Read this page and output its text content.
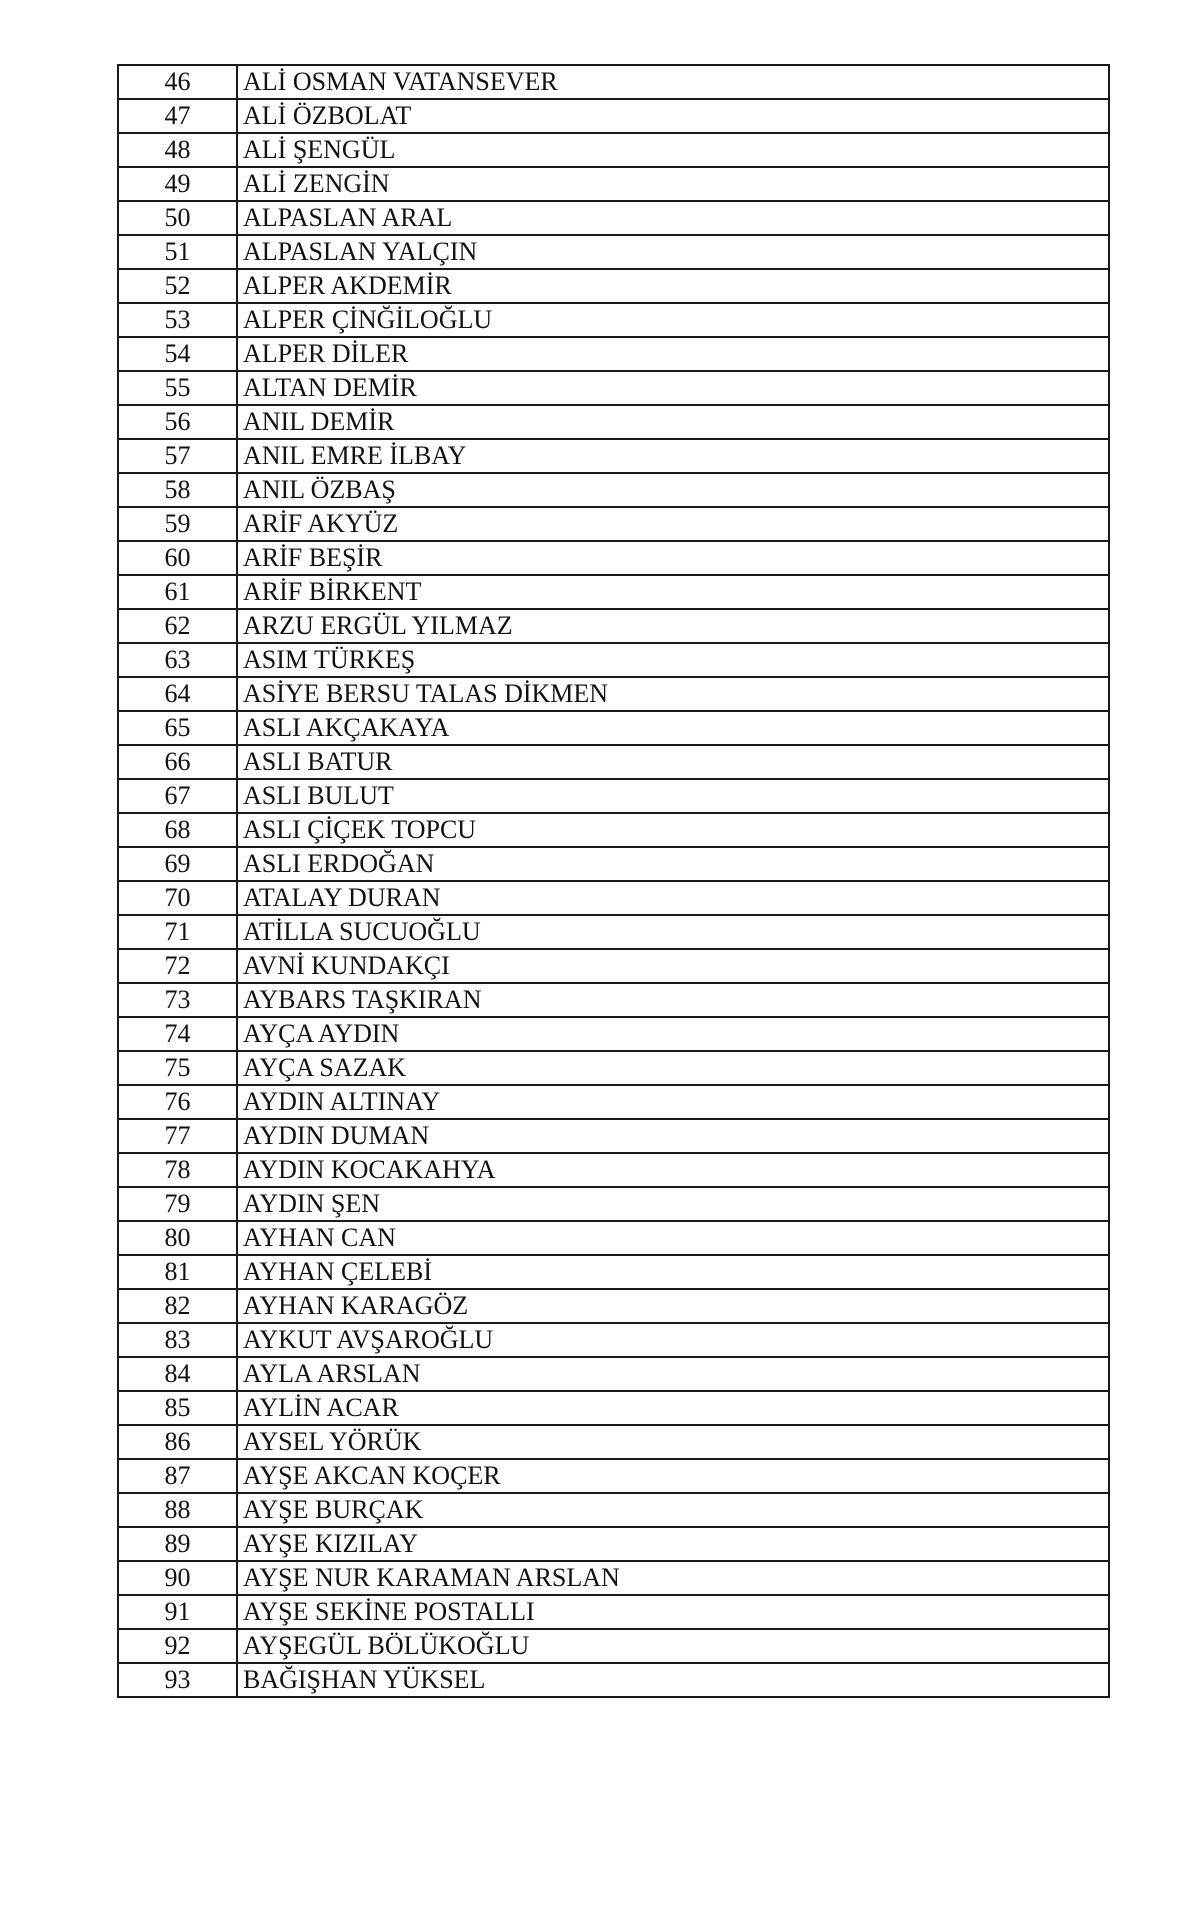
46	ALİ OSMAN VATANSEVER
47	ALİ ÖZBOLAT
48	ALİ ŞENGÜL
49	ALİ ZENGİN
50	ALPASLAN ARAL
51	ALPASLAN YALÇIN
52	ALPER AKDEMİR
53	ALPER ÇİNĞİLOĞLU
54	ALPER DİLER
55	ALTAN DEMİR
56	ANIL DEMİR
57	ANIL EMRE İLBAY
58	ANIL ÖZBAŞ
59	ARİF AKYÜZ
60	ARİF BEŞİR
61	ARİF BİRKENT
62	ARZU ERGÜL YILMAZ
63	ASIM TÜRKEŞ
64	ASİYE BERSU TALAS DİKMEN
65	ASLI AKÇAKAYA
66	ASLI BATUR
67	ASLI BULUT
68	ASLI ÇİÇEK TOPCU
69	ASLI ERDOĞAN
70	ATALAY DURAN
71	ATİLLA SUCUOĞLU
72	AVNİ KUNDAKÇI
73	AYBARS TAŞKIRAN
74	AYÇA AYDIN
75	AYÇA SAZAK
76	AYDIN ALTINAY
77	AYDIN DUMAN
78	AYDIN KOCAKAHYA
79	AYDIN ŞEN
80	AYHAN CAN
81	AYHAN ÇELEBİ
82	AYHAN KARAGÖZ
83	AYKUT AVŞAROĞLU
84	AYLA ARSLAN
85	AYLİN ACAR
86	AYSEL YÖRÜK
87	AYŞE AKCAN KOÇER
88	AYŞE BURÇAK
89	AYŞE KIZILAY
90	AYŞE NUR KARAMAN ARSLAN
91	AYŞE SEKİNE POSTALLI
92	AYŞEGÜL BÖLÜKOĞLU
93	BAĞIŞHAN YÜKSEL
